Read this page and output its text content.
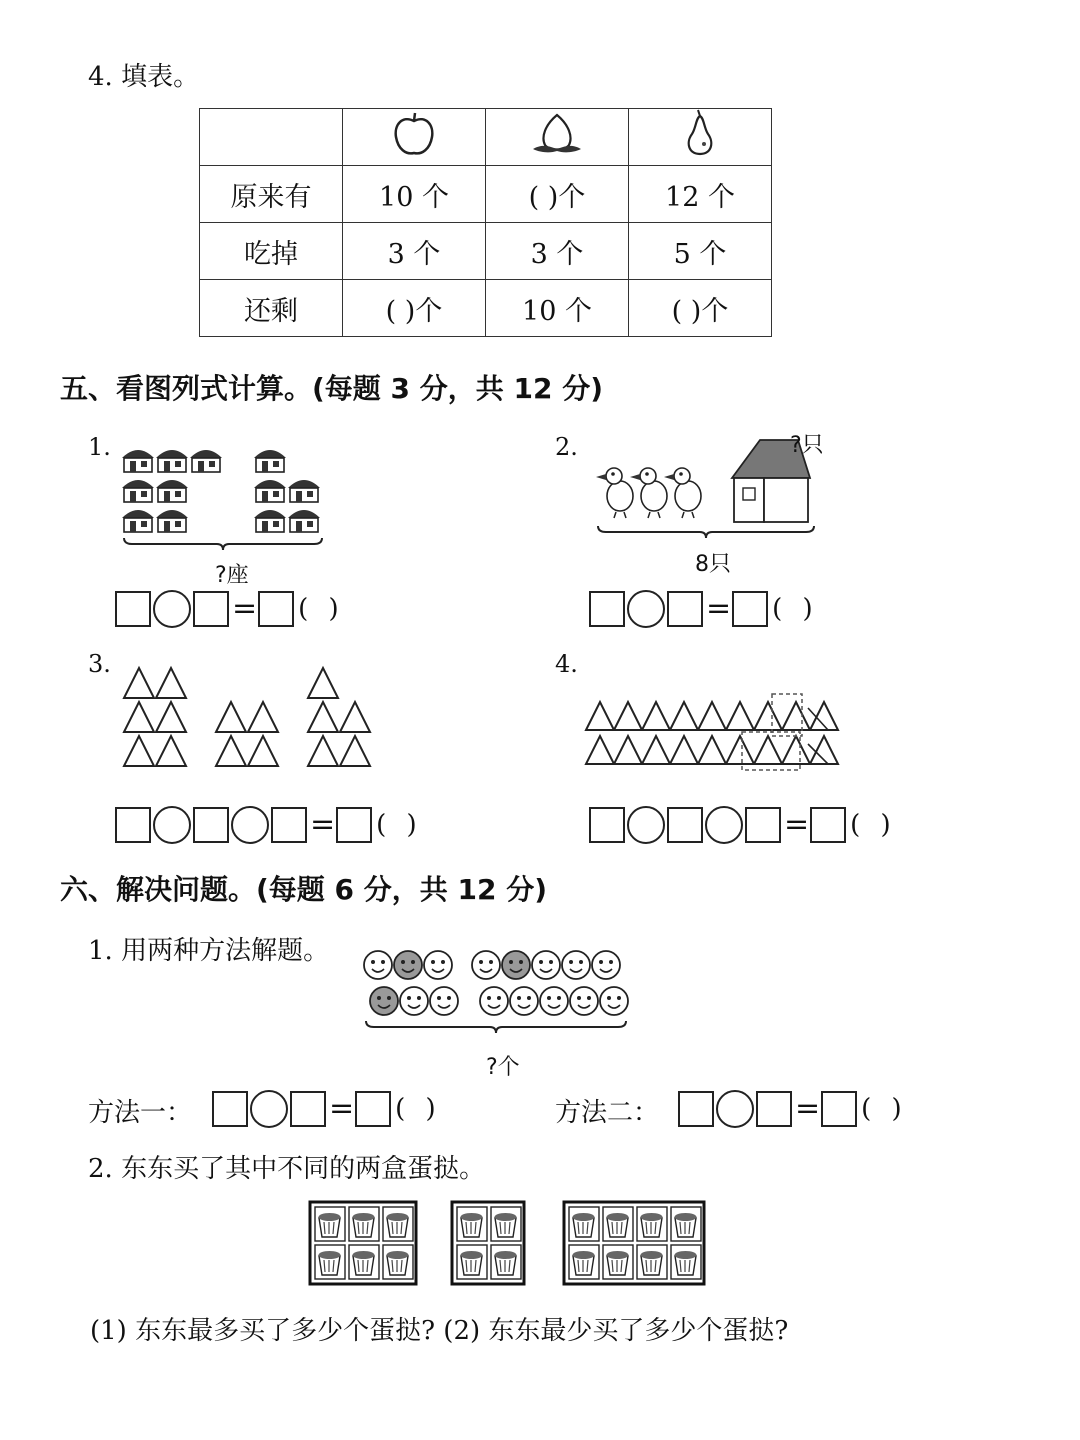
4. 填表。

原来有	10 个	( )个	12 个
吃掉	3 个	3 个	5 个
还剩	( )个	10 个	( )个
五、看图列式计算。(每题 3 分，共 12 分)
1.
?座
= ( )
2.	?只
8只
= ( )
3.
= ( )
4.
= ( )
六、解决问题。(每题 6 分，共 12 分)
1. 用两种方法解题。
?个
方法一：	= ( )	方法二：	= ( )
2. 东东买了其中不同的两盒蛋挞。
(1) 东东最多买了多少个蛋挞? (2) 东东最少买了多少个蛋挞?
